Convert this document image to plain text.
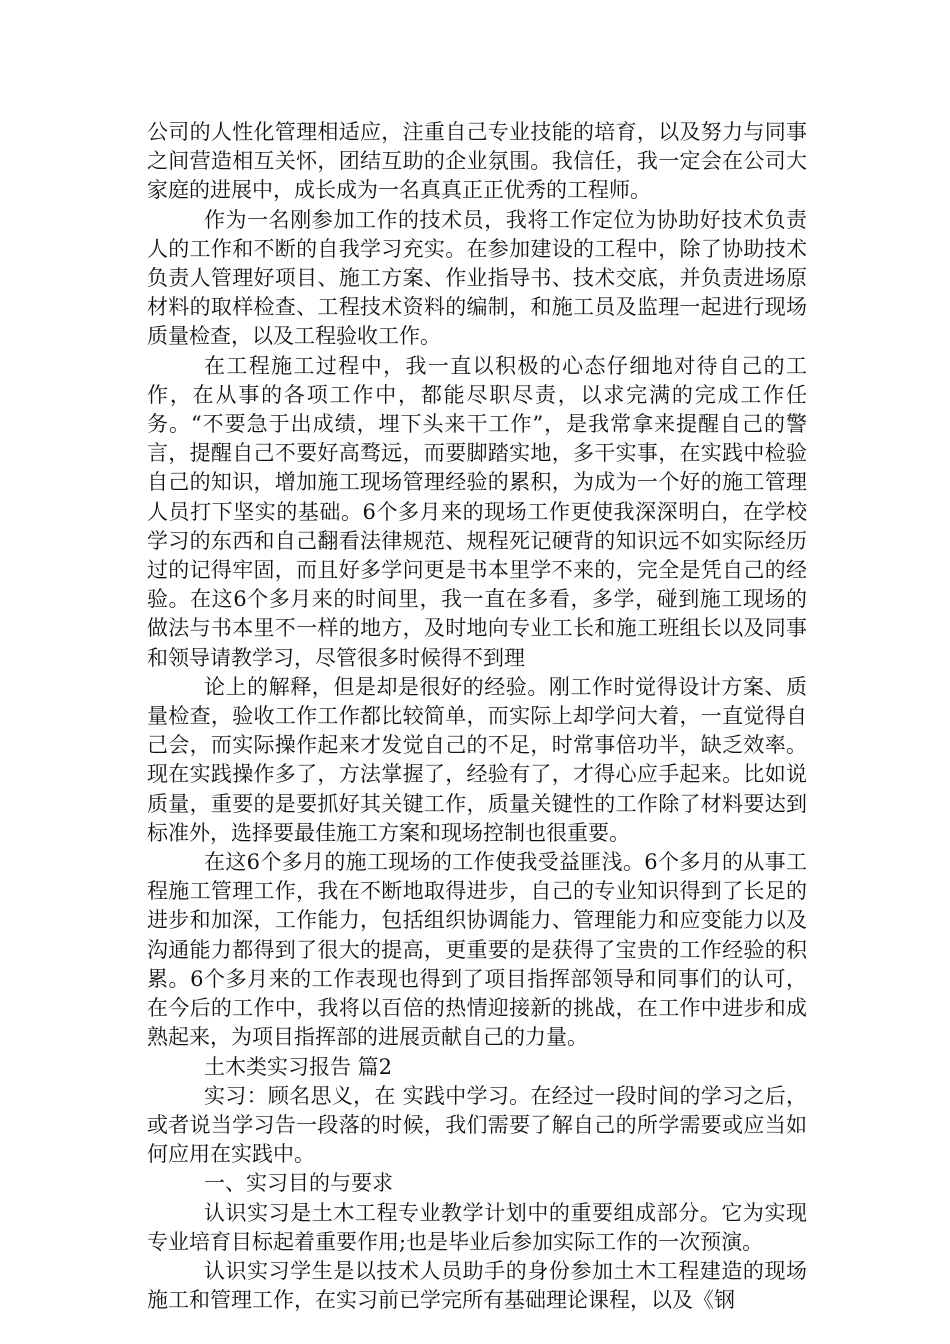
公司的人性化管理相适应，注重自己专业技能的培育，以及努力与同事之间营造相互关怀，团结互助的企业氛围。我信任，我一定会在公司大家庭的进展中，成长成为一名真真正正优秀的工程师。

作为一名刚参加工作的技术员，我将工作定位为协助好技术负责人的工作和不断的自我学习充实。在参加建设的工程中，除了协助技术负责人管理好项目、施工方案、作业指导书、技术交底，并负责进场原材料的取样检查、工程技术资料的编制，和施工员及监理一起进行现场质量检查，以及工程验收工作。

在工程施工过程中，我一直以积极的心态仔细地对待自己的工作，在从事的各项工作中，都能尽职尽责，以求完满的完成工作任务。“不要急于出成绩，埋下头来干工作”，是我常拿来提醒自己的警言，提醒自己不要好高骛远，而要脚踏实地，多干实事，在实践中检验自己的知识，增加施工现场管理经验的累积，为成为一个好的施工管理人员打下坚实的基础。6个多月来的现场工作更使我深深明白，在学校学习的东西和自己翻看法律规范、规程死记硬背的知识远不如实际经历过的记得牢固，而且好多学问更是书本里学不来的，完全是凭自己的经验。在这6个多月来的时间里，我一直在多看，多学，碰到施工现场的做法与书本里不一样的地方，及时地向专业工长和施工班组长以及同事和领导请教学习，尽管很多时候得不到理

论上的解释，但是却是很好的经验。刚工作时觉得设计方案、质量检查，验收工作工作都比较简单，而实际上却学问大着，一直觉得自己会，而实际操作起来才发觉自己的不足，时常事倍功半，缺乏效率。现在实践操作多了，方法掌握了，经验有了，才得心应手起来。比如说质量，重要的是要抓好其关键工作，质量关键性的工作除了材料要达到标准外，选择要最佳施工方案和现场控制也很重要。

在这6个多月的施工现场的工作使我受益匪浅。6个多月的从事工程施工管理工作，我在不断地取得进步，自己的专业知识得到了长足的进步和加深，工作能力，包括组织协调能力、管理能力和应变能力以及沟通能力都得到了很大的提高，更重要的是获得了宝贵的工作经验的积累。6个多月来的工作表现也得到了项目指挥部领导和同事们的认可，在今后的工作中，我将以百倍的热情迎接新的挑战，在工作中进步和成熟起来，为项目指挥部的进展贡献自己的力量。

土木类实习报告 篇2

实习：顾名思义，在 实践中学习。在经过一段时间的学习之后，或者说当学习告一段落的时候，我们需要了解自己的所学需要或应当如何应用在实践中。

一、实习目的与要求

认识实习是土木工程专业教学计划中的重要组成部分。它为实现专业培育目标起着重要作用;也是毕业后参加实际工作的一次预演。

认识实习学生是以技术人员助手的身份参加土木工程建造的现场施工和管理工作，在实习前已学完所有基础理论课程，以及《钢
